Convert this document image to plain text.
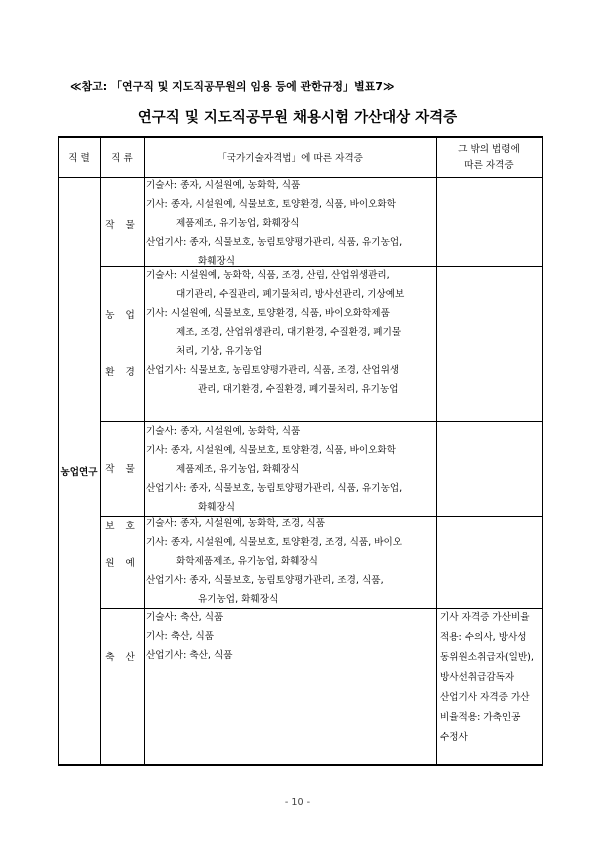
≪참고: 「연구직 및 지도직공무원의 임용 등에 관한규정」별표7≫
연구직 및 지도직공무원 채용시험 가산대상 자격증
직 렬	직 류	「국가기술자격법」에 따른 자격증
그 밖의 법령에
따른 자격증
농업연구

작 물

기술사: 종자, 시설원예, 농화학, 식품
기사: 종자, 시설원예, 식물보호, 토양환경, 식품, 바이오화학
제품제조, 유기농업, 화훼장식
산업기사: 종자, 식물보호, 농림토양평가관리, 식품, 유기농업,
화훼장식

농 업

환 경

기술사: 시설원예, 농화학, 식품, 조경, 산림, 산업위생관리,
대기관리, 수질관리, 폐기물처리, 방사선관리, 기상예보
기사: 시설원예, 식물보호, 토양환경, 식품, 바이오화학제품
제조, 조경, 산업위생관리, 대기환경, 수질환경, 폐기물
처리, 기상, 유기농업
산업기사: 식물보호, 농림토양평가관리, 식품, 조경, 산업위생
관리, 대기환경, 수질환경, 폐기물처리, 유기농업

작 물

보 호

기술사: 종자, 시설원예, 농화학, 식품
기사: 종자, 시설원예, 식물보호, 토양환경, 식품, 바이오화학
제품제조, 유기농업, 화훼장식
산업기사: 종자, 식물보호, 농림토양평가관리, 식품, 유기농업,
화훼장식

원 예

기술사: 종자, 시설원예, 농화학, 조경, 식품
기사: 종자, 시설원예, 식물보호, 토양환경, 조경, 식품, 바이오
화학제품제조, 유기농업, 화훼장식
산업기사: 종자, 식물보호, 농림토양평가관리, 조경, 식품,
유기농업, 화훼장식

축 산

기술사: 축산, 식품
기사: 축산, 식품
산업기사: 축산, 식품
기사 자격증 가산비율
적용: 수의사, 방사성
동위원소취급자(일반),
방사선취급감독자
산업기사 자격증 가산
비율적용: 가축인공
수정사
- 10 -
